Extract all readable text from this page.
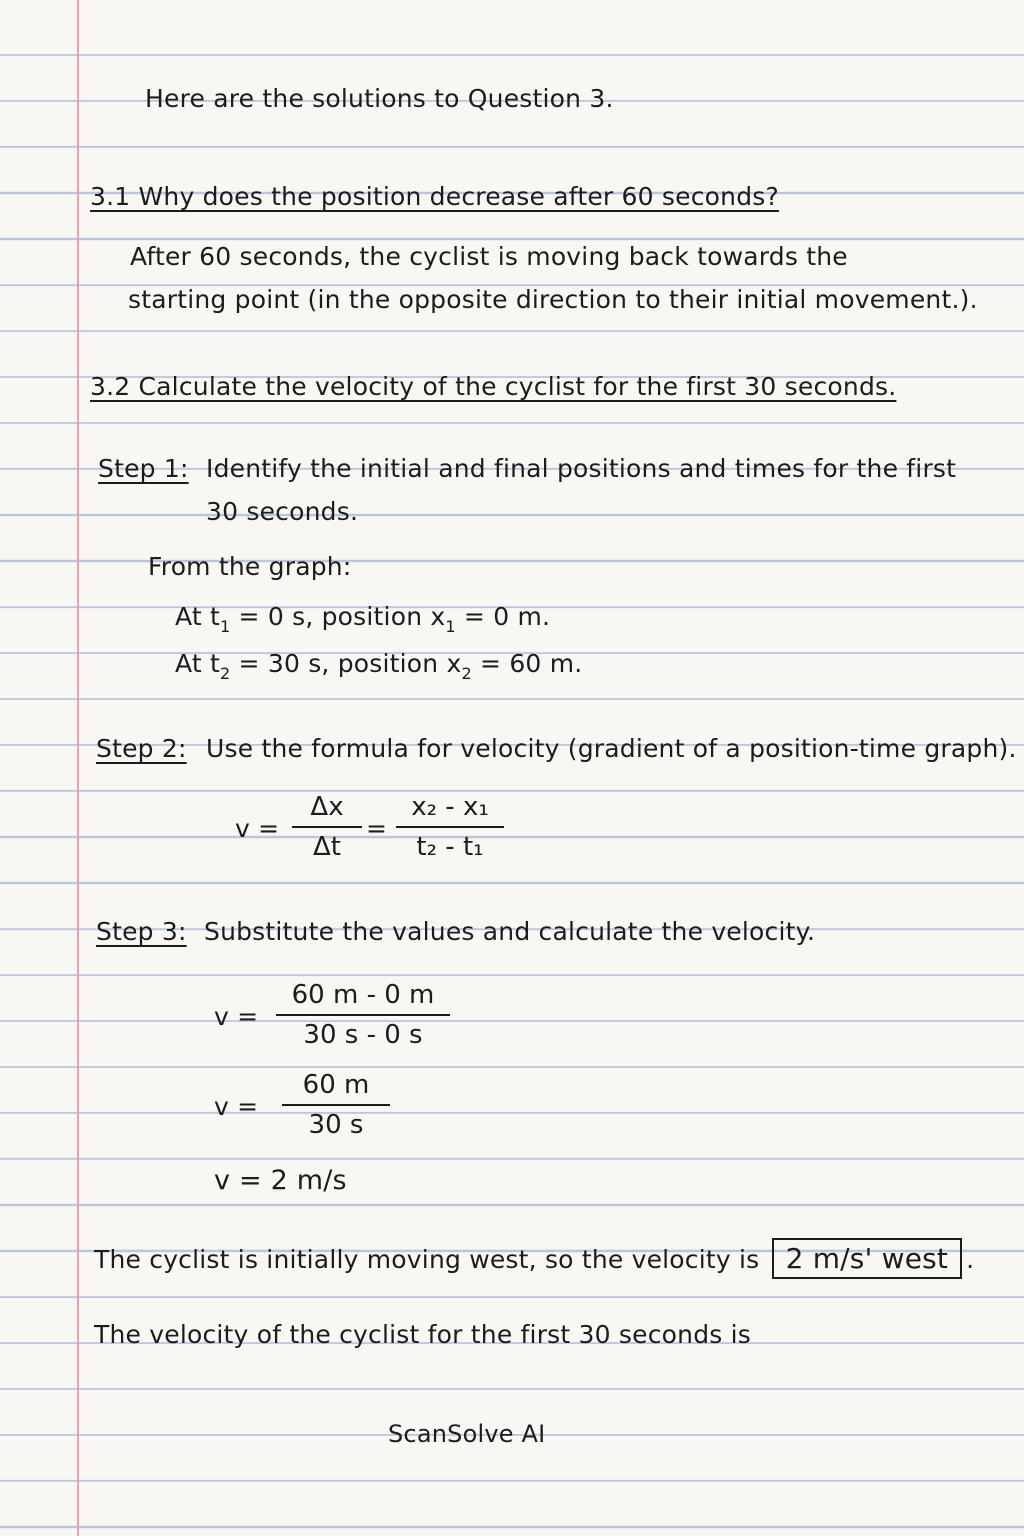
Here are the solutions to Question 3.
3.1 Why does the position decrease after 60 seconds?
After 60 seconds, the cyclist is moving back towards the
starting point (in the opposite direction to their initial movement.).
3.2 Calculate the velocity of the cyclist for the first 30 seconds.
Step 1: Identify the initial and final positions and times for the first
30 seconds.
From the graph:
At $t_1 = 0$ s, position $x_1 = 0$ m.
At $t_2 = 30$ s, position $x_2 = 60$ m.
Step 2: Use the formula for velocity (gradient of a position-time graph).
v =
Δx
Δt
=
x₂ - x₁
t₂ - t₁
Step 3: Substitute the values and calculate the velocity.
v =
60 m - 0 m
30 s - 0 s
v =
60 m
30 s
v = 2 m/s
The cyclist is initially moving west, so the velocity is 2 m/s' west .
The velocity of the cyclist for the first 30 seconds is
ScanSolve AI
